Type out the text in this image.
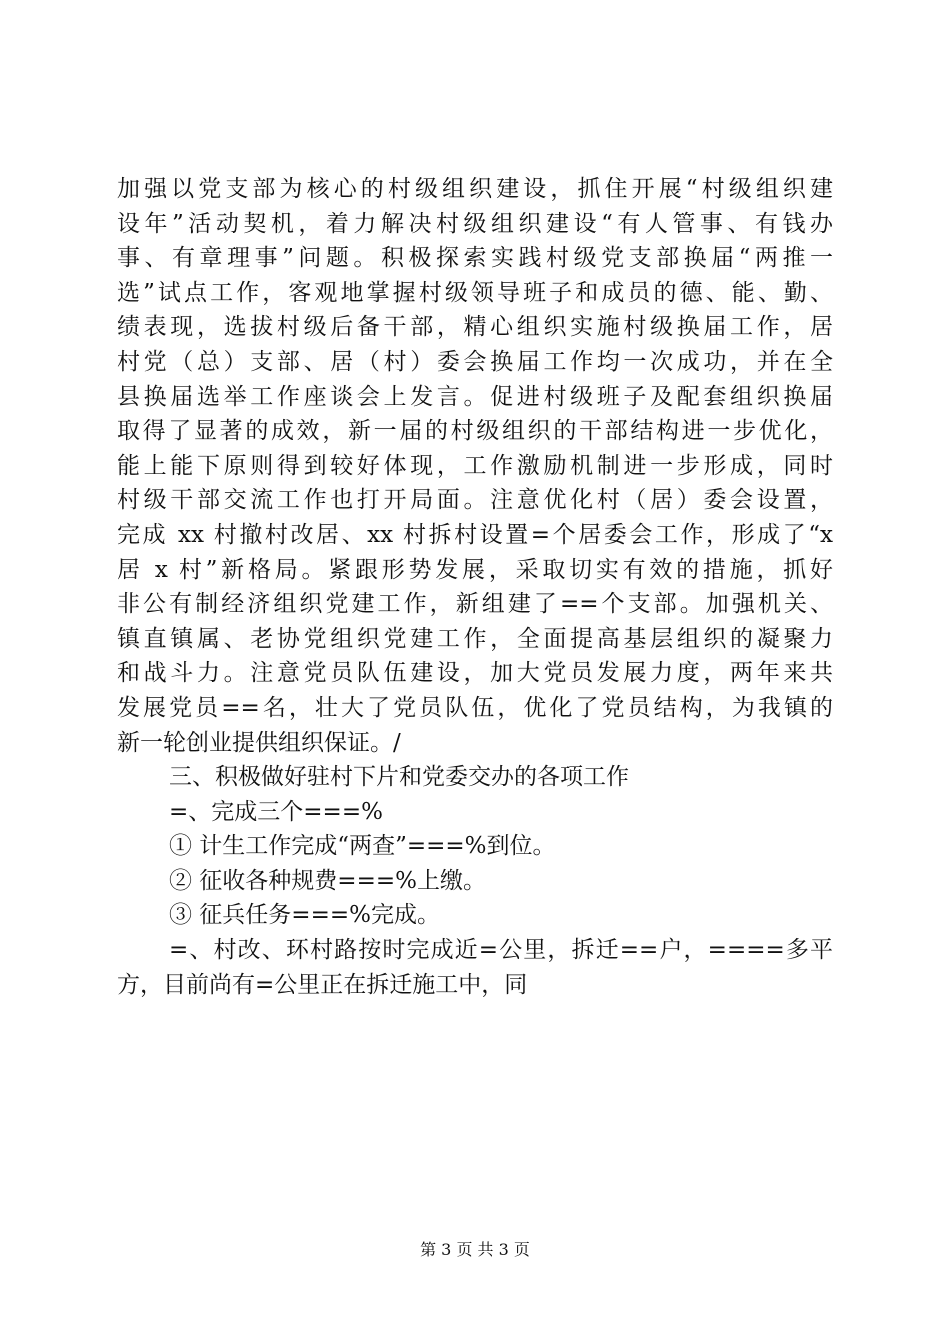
加强以党支部为核心的村级组织建设，抓住开展“村级组织建
设年”活动契机，着力解决村级组织建设“有人管事、有钱办
事、有章理事”问题。积极探索实践村级党支部换届“两推一
选”试点工作，客观地掌握村级领导班子和成员的德、能、勤、
绩表现，选拔村级后备干部，精心组织实施村级换届工作，居
村党（总）支部、居（村）委会换届工作均一次成功，并在全
县换届选举工作座谈会上发言。促进村级班子及配套组织换届
取得了显著的成效，新一届的村级组织的干部结构进一步优化，
能上能下原则得到较好体现，工作激励机制进一步形成，同时
村级干部交流工作也打开局面。注意优化村（居）委会设置，
完成 xx 村撤村改居、xx 村拆村设置=个居委会工作，形成了“x
居 x 村”新格局。紧跟形势发展，采取切实有效的措施，抓好
非公有制经济组织党建工作，新组建了==个支部。加强机关、
镇直镇属、老协党组织党建工作，全面提高基层组织的凝聚力
和战斗力。注意党员队伍建设，加大党员发展力度，两年来共
发展党员==名，壮大了党员队伍，优化了党员结构，为我镇的
新一轮创业提供组织保证。/
三、积极做好驻村下片和党委交办的各项工作
=、完成三个===%
① 计生工作完成“两查”===%到位。
② 征收各种规费===%上缴。
③ 征兵任务===%完成。
=、村改、环村路按时完成近=公里，拆迁==户，====多平
方，目前尚有=公里正在拆迁施工中，同
第 3 页 共 3 页
